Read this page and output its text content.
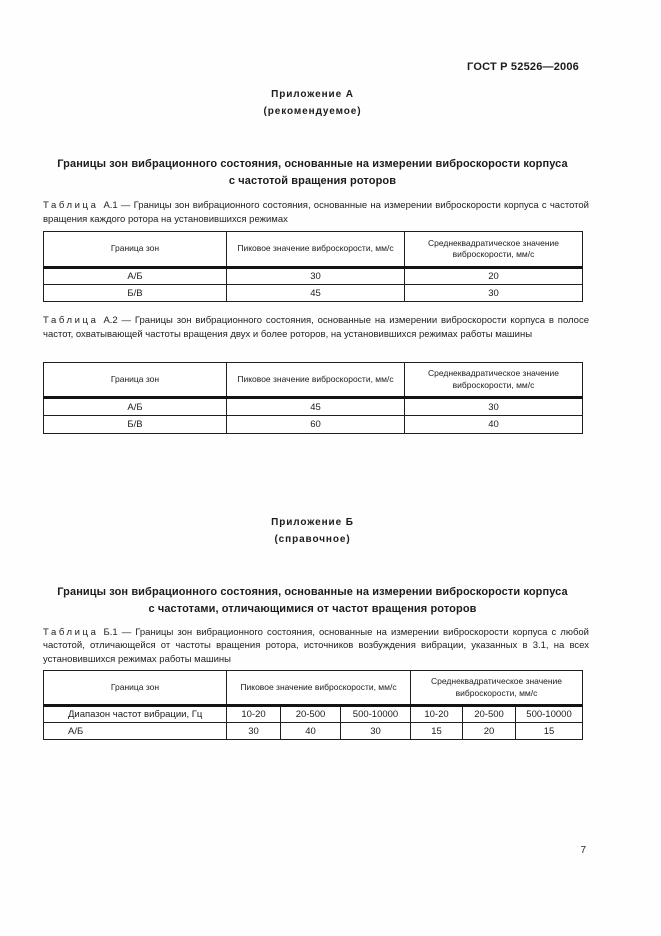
ГОСТ Р 52526—2006
Приложение А
(рекомендуемое)
Границы зон вибрационного состояния, основанные на измерении виброскорости корпуса
с частотой вращения роторов

Таблица А.1 — Границы зон вибрационного состояния, основанные на измерении виброскорости корпуса с частотой вращения каждого ротора на установившихся режимах

Граница зон	Пиковое значение виброскорости, мм/с	Среднеквадратическое значение виброскорости, мм/с
А/Б	30	20
Б/В	45	30

Таблица А.2 — Границы зон вибрационного состояния, основанные на измерении виброскорости корпуса в полосе частот, охватывающей частоты вращения двух и более роторов, на установившихся режимах работы машины

Граница зон	Пиковое значение виброскорости, мм/с	Среднеквадратическое значение виброскорости, мм/с
А/Б	45	30
Б/В	60	40
Приложение Б
(справочное)
Границы зон вибрационного состояния, основанные на измерении виброскорости корпуса
с частотами, отличающимися от частот вращения роторов

Таблица Б.1 — Границы зон вибрационного состояния, основанные на измерении виброскорости корпуса с любой частотой, отличающейся от частоты вращения ротора, источников возбуждения вибрации, указанных в 3.1, на всех установившихся режимах работы машины

Граница зон	Пиковое значение виброскорости, мм/с			Среднеквадратическое значение виброскорости, мм/с		
Диапазон частот вибрации, Гц	10-20	20-500	500-10000	10-20	20-500	500-10000
А/Б	30	40	30	15	20	15
7
